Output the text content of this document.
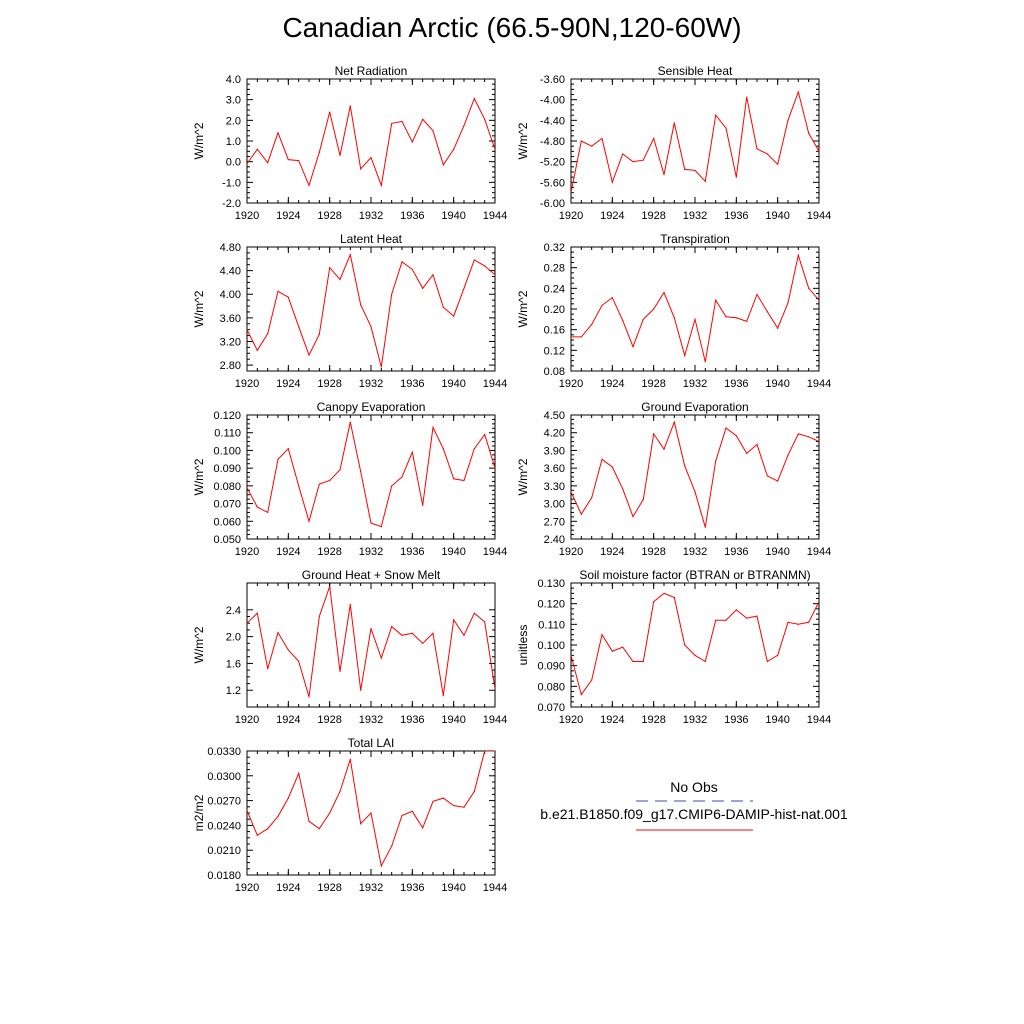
Canadian Arctic (66.5-90N,120-60W)
1920 1924 1928 1932 1936 1940 1944
-2.0
-1.0
0.0
1.0
2.0
3.0
4.0
Net Radiation
W/m^2
1920 1924 1928 1932 1936 1940 1944
-6.00
-5.60
-5.20
-4.80
-4.40
-4.00
-3.60
Sensible Heat
W/m^2
1920 1924 1928 1932 1936 1940 1944
2.80
3.20
3.60
4.00
4.40
4.80
Latent Heat
W/m^2
1920 1924 1928 1932 1936 1940 1944
0.08
0.12
0.16
0.20
0.24
0.28
0.32
Transpiration
W/m^2
1920 1924 1928 1932 1936 1940 1944
0.050
0.060
0.070
0.080
0.090
0.100
0.110
0.120
Canopy Evaporation
W/m^2
1920 1924 1928 1932 1936 1940 1944
2.40
2.70
3.00
3.30
3.60
3.90
4.20
4.50
Ground Evaporation
W/m^2
1920 1924 1928 1932 1936 1940 1944
1.2
1.6
2.0
2.4
Ground Heat + Snow Melt
W/m^2
1920 1924 1928 1932 1936 1940 1944
0.070
0.080
0.090
0.100
0.110
0.120
0.130
Soil moisture factor (BTRAN or BTRANMN)
unitless
1920 1924 1928 1932 1936 1940 1944
0.0180
0.0210
0.0240
0.0270
0.0300
0.0330
Total LAI
m2/m2
No Obs
b.e21.B1850.f09_g17.CMIP6-DAMIP-hist-nat.001
